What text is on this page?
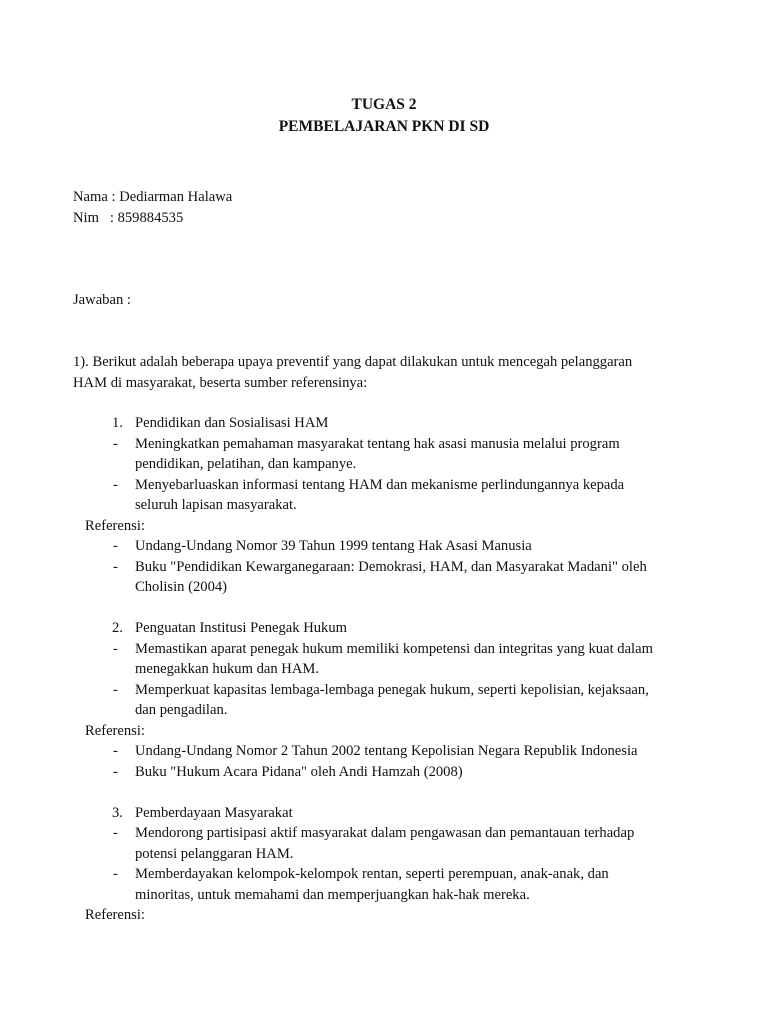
TUGAS 2
PEMBELAJARAN PKN DI SD
Nama : Dediarman Halawa
Nim   : 859884535
Jawaban :
1). Berikut adalah beberapa upaya preventif yang dapat dilakukan untuk mencegah pelanggaran
HAM di masyarakat, beserta sumber referensinya:
1. Pendidikan dan Sosialisasi HAM
- Meningkatkan pemahaman masyarakat tentang hak asasi manusia melalui program
pendidikan, pelatihan, dan kampanye.
- Menyebarluaskan informasi tentang HAM dan mekanisme perlindungannya kepada
seluruh lapisan masyarakat.
Referensi:
- Undang-Undang Nomor 39 Tahun 1999 tentang Hak Asasi Manusia
- Buku "Pendidikan Kewarganegaraan: Demokrasi, HAM, dan Masyarakat Madani" oleh
Cholisin (2004)
2. Penguatan Institusi Penegak Hukum
- Memastikan aparat penegak hukum memiliki kompetensi dan integritas yang kuat dalam
menegakkan hukum dan HAM.
- Memperkuat kapasitas lembaga-lembaga penegak hukum, seperti kepolisian, kejaksaan,
dan pengadilan.
Referensi:
- Undang-Undang Nomor 2 Tahun 2002 tentang Kepolisian Negara Republik Indonesia
- Buku "Hukum Acara Pidana" oleh Andi Hamzah (2008)
3. Pemberdayaan Masyarakat
- Mendorong partisipasi aktif masyarakat dalam pengawasan dan pemantauan terhadap
potensi pelanggaran HAM.
- Memberdayakan kelompok-kelompok rentan, seperti perempuan, anak-anak, dan
minoritas, untuk memahami dan memperjuangkan hak-hak mereka.
Referensi:
